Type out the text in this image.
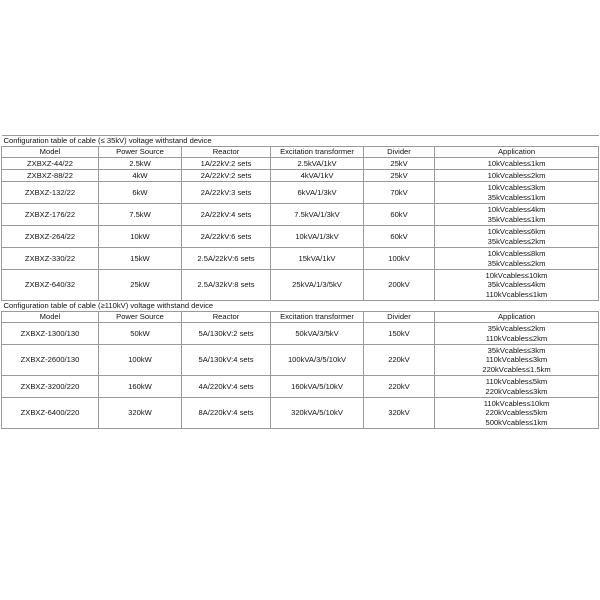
Configuration table of cable (≤ 35kV) voltage withstand device					
Model	Power Source	Reactor	Excitation transformer	Divider	Application
ZXBXZ-44/22	2.5kW	1A/22kV:2 sets	2.5kVA/1kV	25kV	10kVcables≤1km

ZXBXZ-88/22	4kW	2A/22kV:2 sets	4kVA/1kV	25kV	10kVcables≤2km

ZXBXZ-132/22	6kW	2A/22kV:3 sets	6kVA/1/3kV	70kV	10kVcables≤3km
35kVcables≤1km

ZXBXZ-176/22	7.5kW	2A/22kV:4 sets	7.5kVA/1/3kV	60kV	10kVcables≤4km
35kVcables≤1km

ZXBXZ-264/22	10kW	2A/22kV:6 sets	10kVA/1/3kV	60kV	10kVcables≤6km
35kVcables≤2km

ZXBXZ-330/22	15kW	2.5A/22kV:6 sets	15kVA/1kV	100kV	10kVcables≤8km
35kVcables≤2km

ZXBXZ-640/32	25kW	2.5A/32kV:8 sets	25kVA/1/3/5kV	200kV	10kVcables≤10km
35kVcables≤4km
110kVcables≤1km

Configuration table of cable (≥110kV) voltage withstand device					
Model	Power Source	Reactor	Excitation transformer	Divider	Application
ZXBXZ-1300/130	50kW	5A/130kV:2 sets	50kVA/3/5kV	150kV	35kVcables≤2km
110kVcables≤2km

ZXBXZ-2600/130	100kW	5A/130kV:4 sets	100kVA/3/5/10kV	220kV	35kVcables≤3km
110kVcables≤3km
220kVcables≤1.5km

ZXBXZ-3200/220	160kW	4A/220kV:4 sets	160kVA/5/10kV	220kV	110kVcables≤5km
220kVcables≤3km

ZXBXZ-6400/220	320kW	8A/220kV:4 sets	320kVA/5/10kV	320kV	110kVcables≤10km
220kVcables≤5km
500kVcables≤1km
